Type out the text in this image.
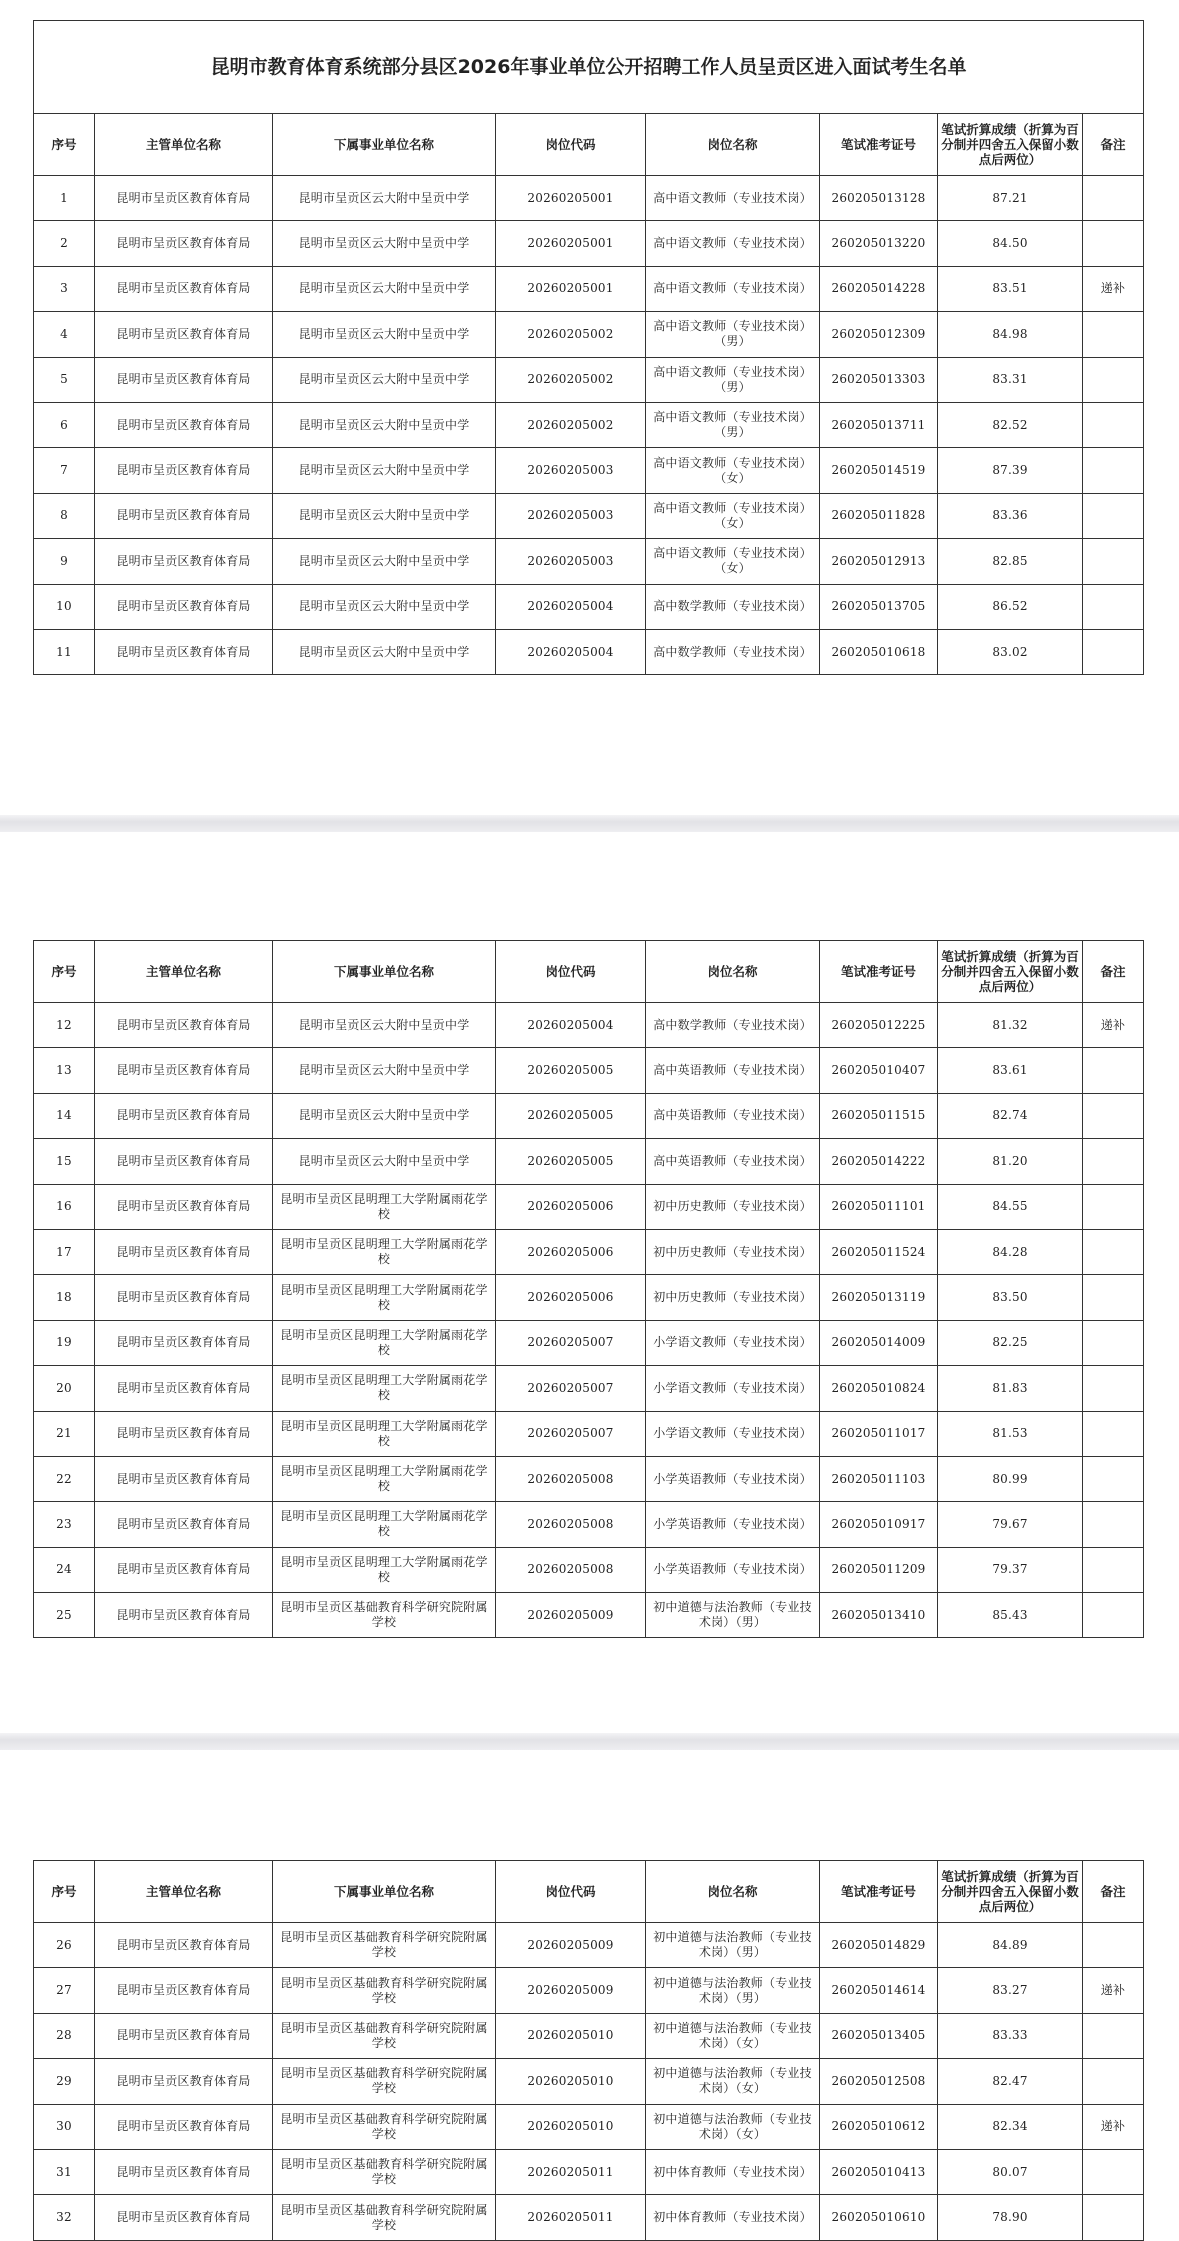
昆明市教育体育系统部分县区2026年事业单位公开招聘工作人员呈贡区进入面试考生名单							
序号	主管单位名称	下属事业单位名称	岗位代码	岗位名称	笔试准考证号	笔试折算成绩（折算为百分制并四舍五入保留小数点后两位）	备注
1	昆明市呈贡区教育体育局	昆明市呈贡区云大附中呈贡中学	20260205001	高中语文教师（专业技术岗）	260205013128	87.21	
2	昆明市呈贡区教育体育局	昆明市呈贡区云大附中呈贡中学	20260205001	高中语文教师（专业技术岗）	260205013220	84.50	
3	昆明市呈贡区教育体育局	昆明市呈贡区云大附中呈贡中学	20260205001	高中语文教师（专业技术岗）	260205014228	83.51	递补
4	昆明市呈贡区教育体育局	昆明市呈贡区云大附中呈贡中学	20260205002	高中语文教师（专业技术岗）（男）	260205012309	84.98	
5	昆明市呈贡区教育体育局	昆明市呈贡区云大附中呈贡中学	20260205002	高中语文教师（专业技术岗）（男）	260205013303	83.31	
6	昆明市呈贡区教育体育局	昆明市呈贡区云大附中呈贡中学	20260205002	高中语文教师（专业技术岗）（男）	260205013711	82.52	
7	昆明市呈贡区教育体育局	昆明市呈贡区云大附中呈贡中学	20260205003	高中语文教师（专业技术岗）（女）	260205014519	87.39	
8	昆明市呈贡区教育体育局	昆明市呈贡区云大附中呈贡中学	20260205003	高中语文教师（专业技术岗）（女）	260205011828	83.36	
9	昆明市呈贡区教育体育局	昆明市呈贡区云大附中呈贡中学	20260205003	高中语文教师（专业技术岗）（女）	260205012913	82.85	
10	昆明市呈贡区教育体育局	昆明市呈贡区云大附中呈贡中学	20260205004	高中数学教师（专业技术岗）	260205013705	86.52	
11	昆明市呈贡区教育体育局	昆明市呈贡区云大附中呈贡中学	20260205004	高中数学教师（专业技术岗）	260205010618	83.02	
序号	主管单位名称	下属事业单位名称	岗位代码	岗位名称	笔试准考证号	笔试折算成绩（折算为百分制并四舍五入保留小数点后两位）	备注
12	昆明市呈贡区教育体育局	昆明市呈贡区云大附中呈贡中学	20260205004	高中数学教师（专业技术岗）	260205012225	81.32	递补
13	昆明市呈贡区教育体育局	昆明市呈贡区云大附中呈贡中学	20260205005	高中英语教师（专业技术岗）	260205010407	83.61	
14	昆明市呈贡区教育体育局	昆明市呈贡区云大附中呈贡中学	20260205005	高中英语教师（专业技术岗）	260205011515	82.74	
15	昆明市呈贡区教育体育局	昆明市呈贡区云大附中呈贡中学	20260205005	高中英语教师（专业技术岗）	260205014222	81.20	
16	昆明市呈贡区教育体育局	昆明市呈贡区昆明理工大学附属雨花学校	20260205006	初中历史教师（专业技术岗）	260205011101	84.55	
17	昆明市呈贡区教育体育局	昆明市呈贡区昆明理工大学附属雨花学校	20260205006	初中历史教师（专业技术岗）	260205011524	84.28	
18	昆明市呈贡区教育体育局	昆明市呈贡区昆明理工大学附属雨花学校	20260205006	初中历史教师（专业技术岗）	260205013119	83.50	
19	昆明市呈贡区教育体育局	昆明市呈贡区昆明理工大学附属雨花学校	20260205007	小学语文教师（专业技术岗）	260205014009	82.25	
20	昆明市呈贡区教育体育局	昆明市呈贡区昆明理工大学附属雨花学校	20260205007	小学语文教师（专业技术岗）	260205010824	81.83	
21	昆明市呈贡区教育体育局	昆明市呈贡区昆明理工大学附属雨花学校	20260205007	小学语文教师（专业技术岗）	260205011017	81.53	
22	昆明市呈贡区教育体育局	昆明市呈贡区昆明理工大学附属雨花学校	20260205008	小学英语教师（专业技术岗）	260205011103	80.99	
23	昆明市呈贡区教育体育局	昆明市呈贡区昆明理工大学附属雨花学校	20260205008	小学英语教师（专业技术岗）	260205010917	79.67	
24	昆明市呈贡区教育体育局	昆明市呈贡区昆明理工大学附属雨花学校	20260205008	小学英语教师（专业技术岗）	260205011209	79.37	
25	昆明市呈贡区教育体育局	昆明市呈贡区基础教育科学研究院附属学校	20260205009	初中道德与法治教师（专业技术岗）（男）	260205013410	85.43	
序号	主管单位名称	下属事业单位名称	岗位代码	岗位名称	笔试准考证号	笔试折算成绩（折算为百分制并四舍五入保留小数点后两位）	备注
26	昆明市呈贡区教育体育局	昆明市呈贡区基础教育科学研究院附属学校	20260205009	初中道德与法治教师（专业技术岗）（男）	260205014829	84.89	
27	昆明市呈贡区教育体育局	昆明市呈贡区基础教育科学研究院附属学校	20260205009	初中道德与法治教师（专业技术岗）（男）	260205014614	83.27	递补
28	昆明市呈贡区教育体育局	昆明市呈贡区基础教育科学研究院附属学校	20260205010	初中道德与法治教师（专业技术岗）（女）	260205013405	83.33	
29	昆明市呈贡区教育体育局	昆明市呈贡区基础教育科学研究院附属学校	20260205010	初中道德与法治教师（专业技术岗）（女）	260205012508	82.47	
30	昆明市呈贡区教育体育局	昆明市呈贡区基础教育科学研究院附属学校	20260205010	初中道德与法治教师（专业技术岗）（女）	260205010612	82.34	递补
31	昆明市呈贡区教育体育局	昆明市呈贡区基础教育科学研究院附属学校	20260205011	初中体育教师（专业技术岗）	260205010413	80.07	
32	昆明市呈贡区教育体育局	昆明市呈贡区基础教育科学研究院附属学校	20260205011	初中体育教师（专业技术岗）	260205010610	78.90	
